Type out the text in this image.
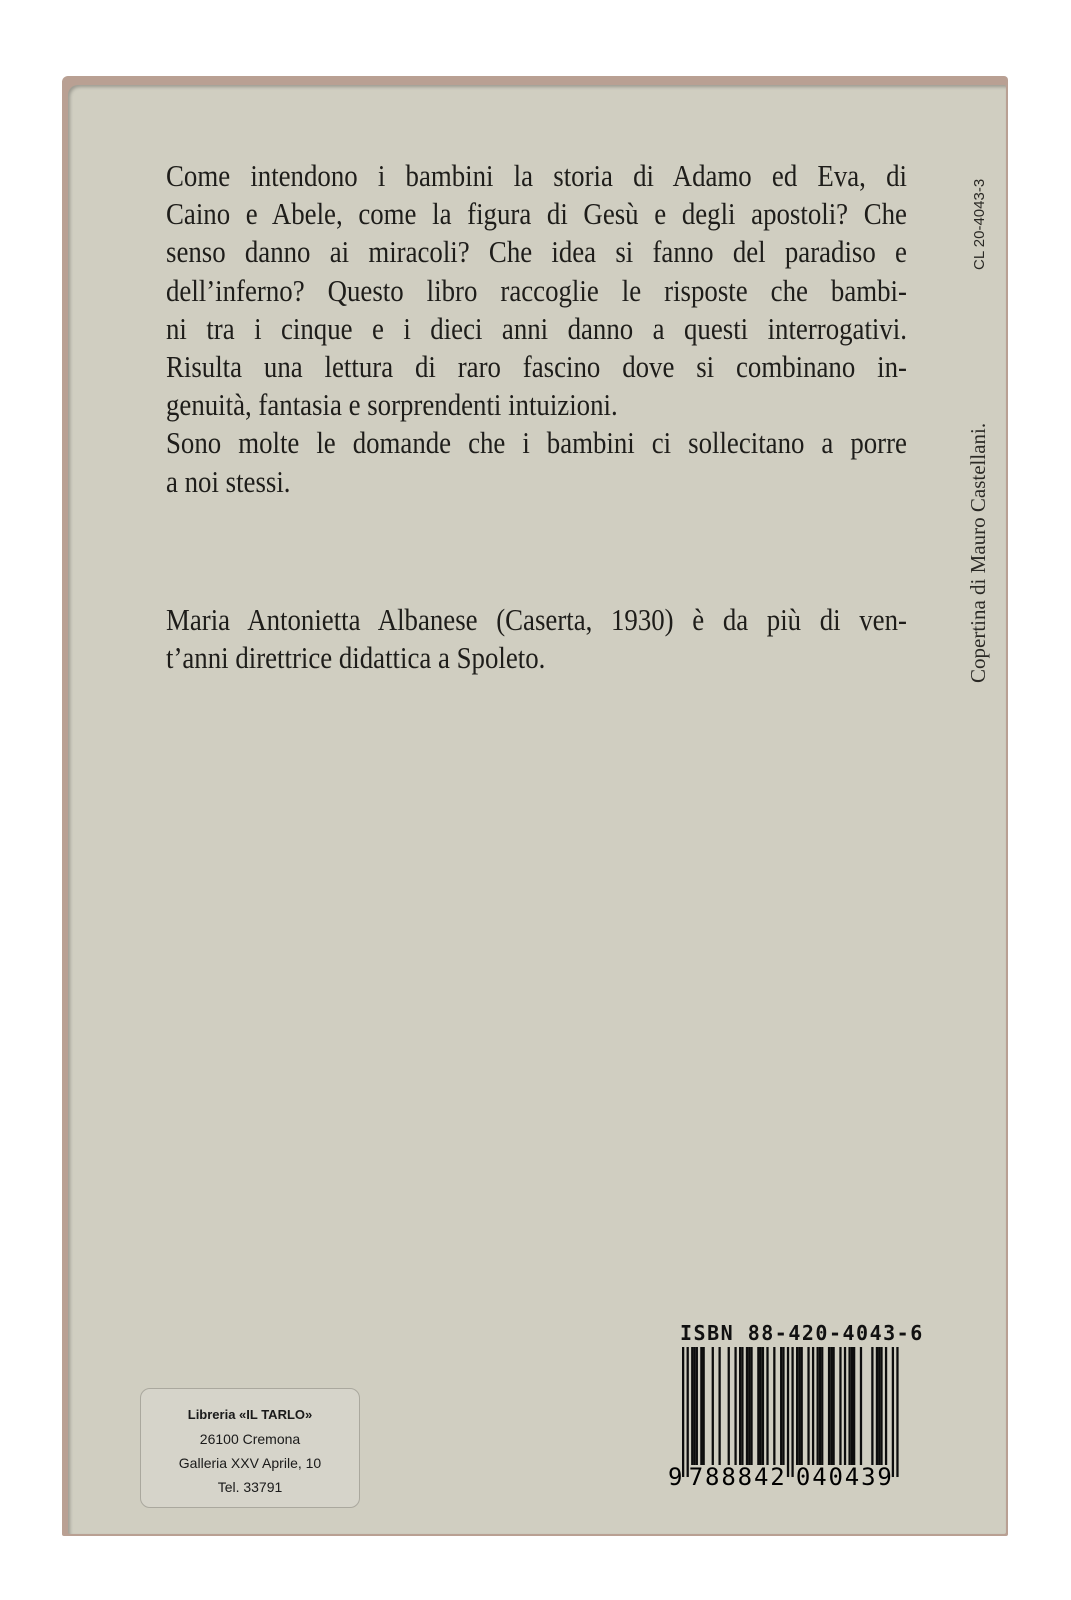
Come intendono i bambini la storia di Adamo ed Eva, di
Caino e Abele, come la figura di Gesù e degli apostoli? Che
senso danno ai miracoli? Che idea si fanno del paradiso e
dell’inferno? Questo libro raccoglie le risposte che bambi-
ni tra i cinque e i dieci anni danno a questi interrogativi.
Risulta una lettura di raro fascino dove si combinano in-
genuità, fantasia e sorprendenti intuizioni.
Sono molte le domande che i bambini ci sollecitano a porre
a noi stessi.
Maria Antonietta Albanese (Caserta, 1930) è da più di ven-
t’anni direttrice didattica a Spoleto.
CL 20-4043-3
Copertina di Mauro Castellani.
ISBN 88-420-4043-6
9 788842 040439
Libreria «IL TARLO»
26100 Cremona
Galleria XXV Aprile, 10
Tel. 33791
